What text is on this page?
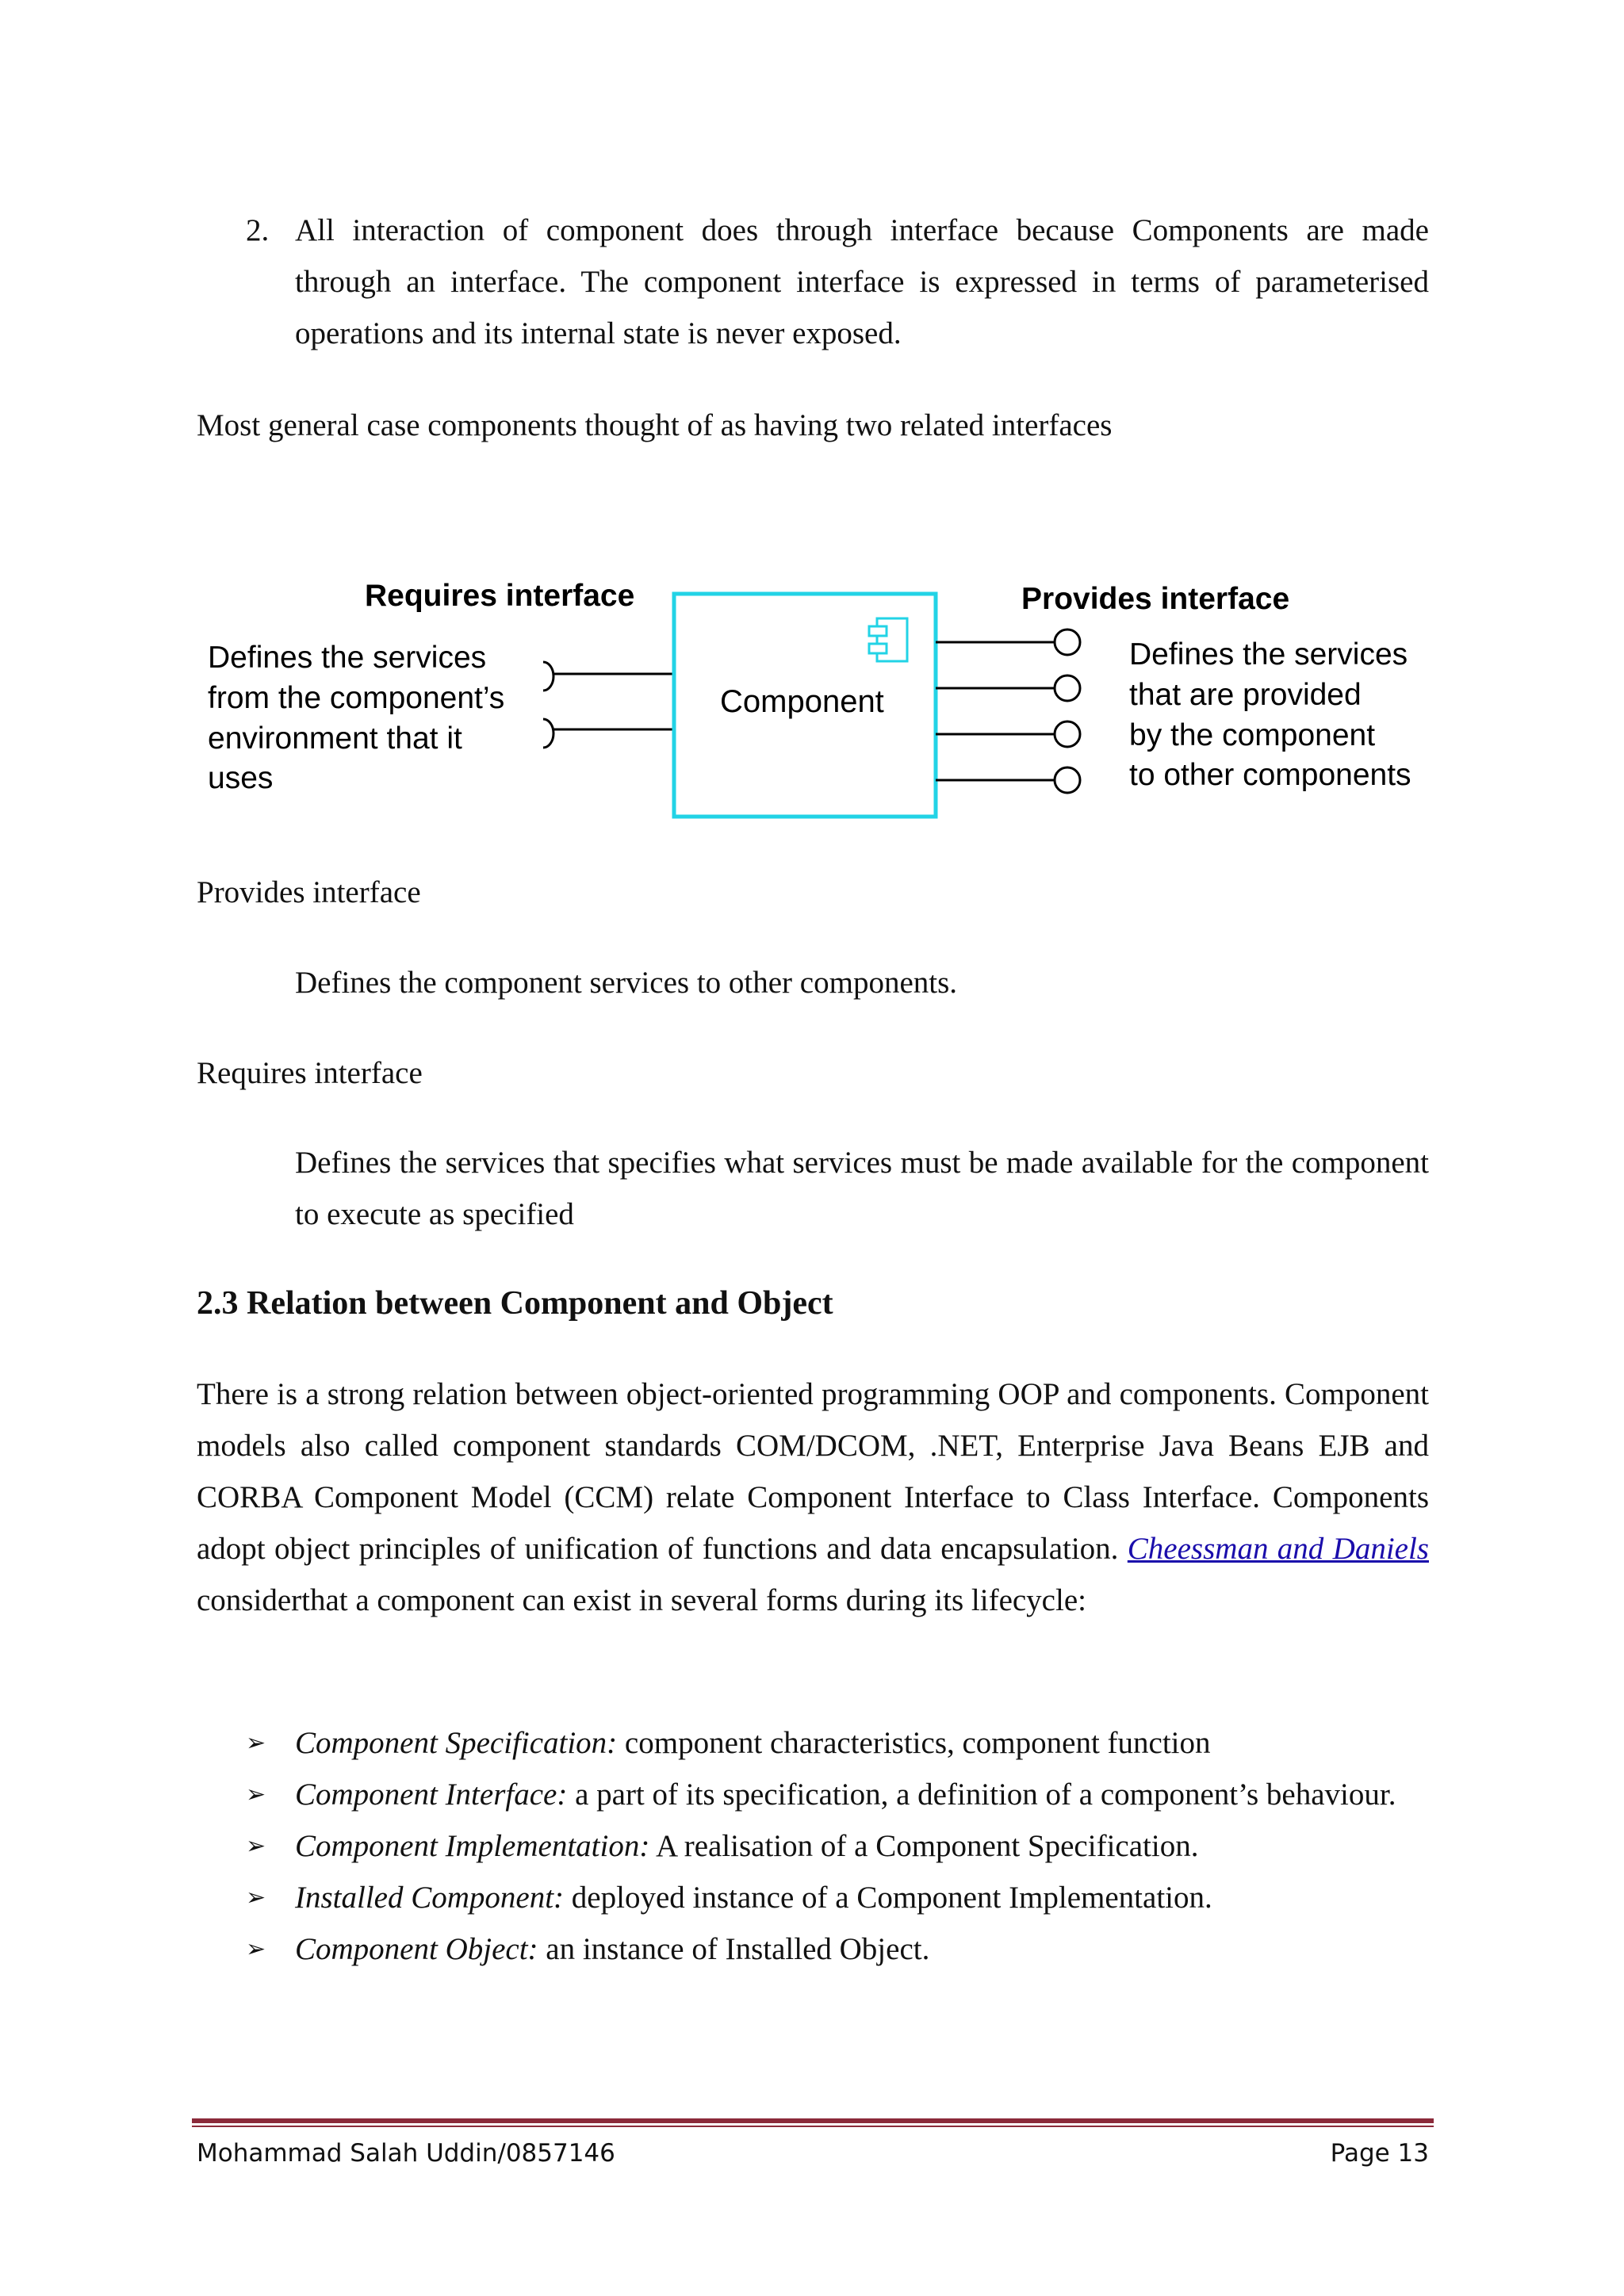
2. All interaction of component does through interface because Components are made through an interface. The component interface is expressed in terms of parameterised operations and its internal state is never exposed.

Most general case components thought of as having two related interfaces

Requires interface
Defines the services
from the component’s
environment that it
uses
Component
Provides interface
Defines the services
that are provided
by the component
to other components

Provides interface

Defines the component services to other components.

Requires interface

Defines the services that specifies what services must be made available for the component to execute as specified

2.3 Relation between Component and Object

There is a strong relation between object-oriented programming OOP and components. Component models also called component standards COM/DCOM, .NET, Enterprise Java Beans EJB and CORBA Component Model (CCM) relate Component Interface to Class Interface. Components adopt object principles of unification of functions and data encapsulation. Cheessman and Daniels considerthat a component can exist in several forms during its lifecycle:

➢ Component Specification: component characteristics, component function
➢ Component Interface: a part of its specification, a definition of a component’s behaviour.
➢ Component Implementation: A realisation of a Component Specification.
➢ Installed Component: deployed instance of a Component Implementation.
➢ Component Object: an instance of Installed Object.
Mohammad Salah Uddin/0857146	Page 13
